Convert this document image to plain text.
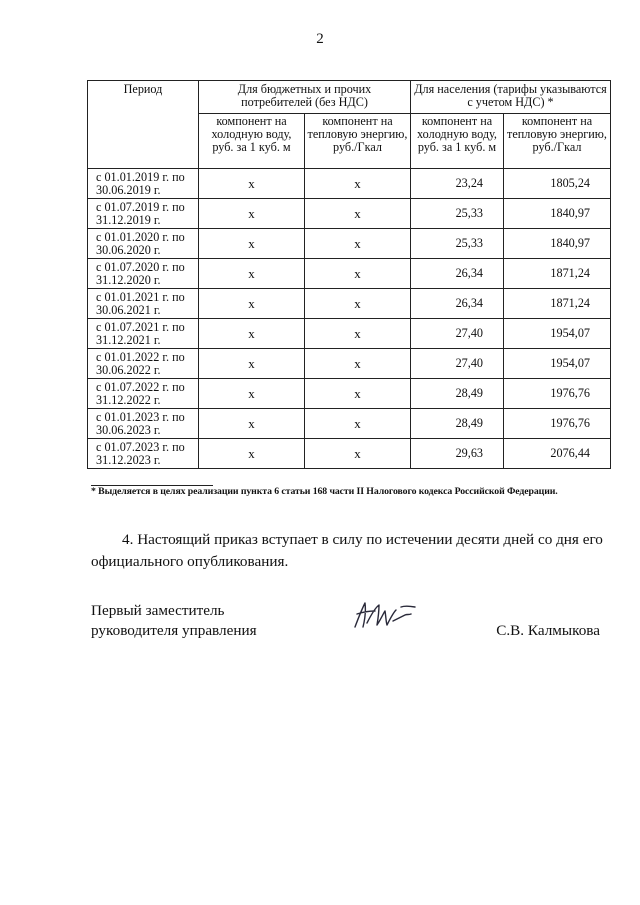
2
Период	Для бюджетных и прочих потребителей (без НДС)		Для населения (тарифы указываются с учетом НДС) *	
	компонент на холодную воду, руб. за 1 куб. м	компонент на тепловую энергию, руб./Гкал	компонент на холодную воду, руб. за 1 куб. м	компонент на тепловую энергию, руб./Гкал
с 01.01.2019 г. по 30.06.2019 г.	х	х	23,24	1805,24
с 01.07.2019 г. по 31.12.2019 г.	х	х	25,33	1840,97
с 01.01.2020 г. по 30.06.2020 г.	х	х	25,33	1840,97
с 01.07.2020 г. по 31.12.2020 г.	х	х	26,34	1871,24
с 01.01.2021 г. по 30.06.2021 г.	х	х	26,34	1871,24
с 01.07.2021 г. по 31.12.2021 г.	х	х	27,40	1954,07
с 01.01.2022 г. по 30.06.2022 г.	х	х	27,40	1954,07
с 01.07.2022 г. по 31.12.2022 г.	х	х	28,49	1976,76
с 01.01.2023 г. по 30.06.2023 г.	х	х	28,49	1976,76
с 01.07.2023 г. по 31.12.2023 г.	х	х	29,63	2076,44
* Выделяется в целях реализации пункта 6 статьи 168 части II Налогового кодекса Российской Федерации.
4. Настоящий приказ вступает в силу по истечении десяти дней со дня его официального опубликования.
Первый заместитель
руководителя управления	С.В. Калмыкова
